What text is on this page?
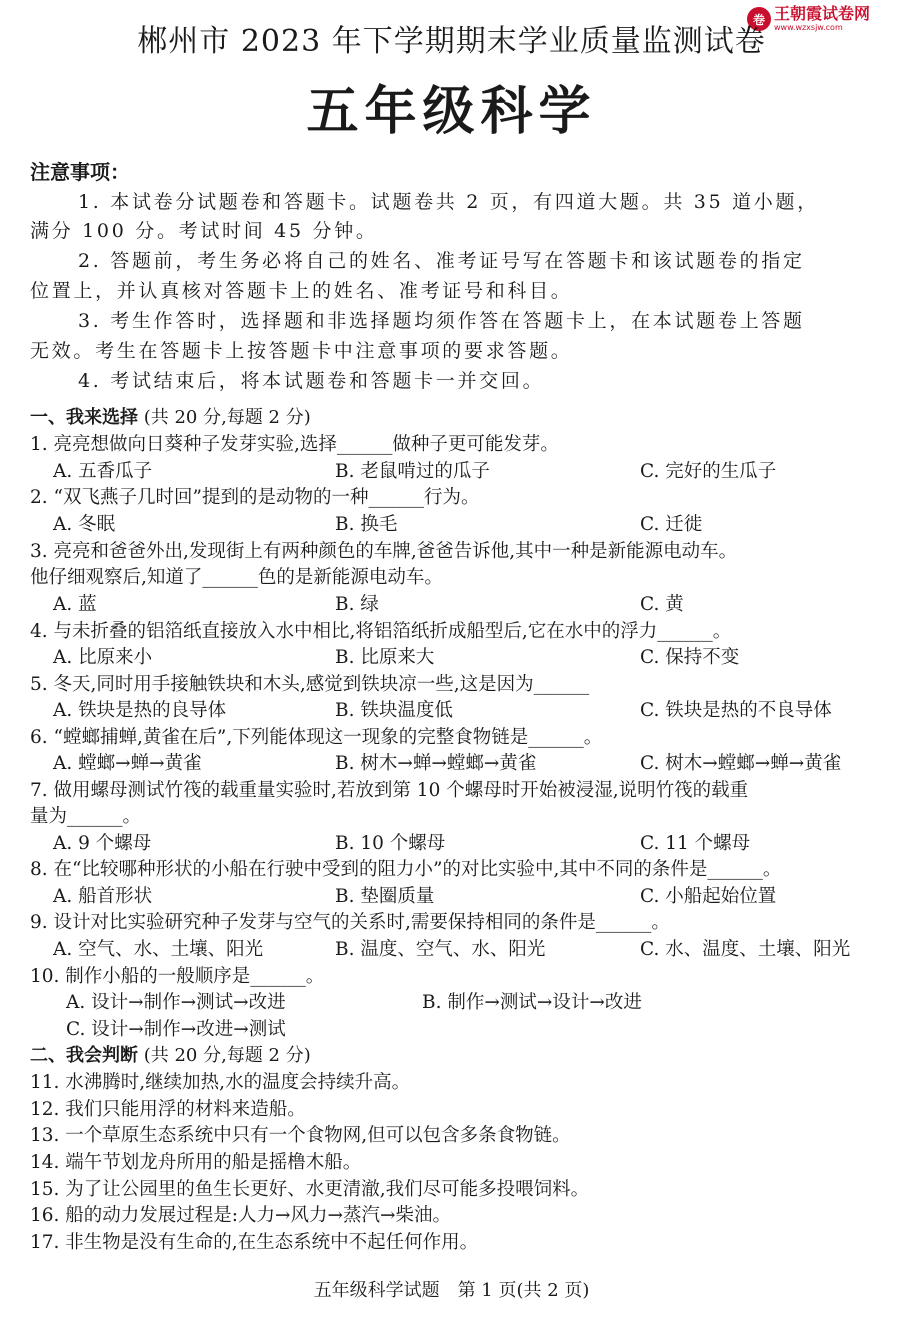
卷 王朝霞试卷网
www.wzxsjw.com
郴州市 2023 年下学期期末学业质量监测试卷
五年级科学
注意事项：
1. 本试卷分试题卷和答题卡。试题卷共 2 页，有四道大题。共 35 道小题，
满分 100 分。考试时间 45 分钟。
2. 答题前，考生务必将自己的姓名、准考证号写在答题卡和该试题卷的指定
位置上，并认真核对答题卡上的姓名、准考证号和科目。
3. 考生作答时，选择题和非选择题均须作答在答题卡上，在本试题卷上答题
无效。考生在答题卡上按答题卡中注意事项的要求答题。
4. 考试结束后，将本试题卷和答题卡一并交回。
一、我来选择 (共 20 分,每题 2 分)
1. 亮亮想做向日葵种子发芽实验,选择______做种子更可能发芽。
A. 五香瓜子	B. 老鼠啃过的瓜子	C. 完好的生瓜子
2. “双飞燕子几时回”提到的是动物的一种______行为。
A. 冬眠	B. 换毛	C. 迁徙
3. 亮亮和爸爸外出,发现街上有两种颜色的车牌,爸爸告诉他,其中一种是新能源电动车。
他仔细观察后,知道了______色的是新能源电动车。
A. 蓝	B. 绿	C. 黄
4. 与未折叠的铝箔纸直接放入水中相比,将铝箔纸折成船型后,它在水中的浮力______。
A. 比原来小	B. 比原来大	C. 保持不变
5. 冬天,同时用手接触铁块和木头,感觉到铁块凉一些,这是因为______
A. 铁块是热的良导体	B. 铁块温度低	C. 铁块是热的不良导体
6. “螳螂捕蝉,黄雀在后”,下列能体现这一现象的完整食物链是______。
A. 螳螂→蝉→黄雀	B. 树木→蝉→螳螂→黄雀	C. 树木→螳螂→蝉→黄雀
7. 做用螺母测试竹筏的载重量实验时,若放到第 10 个螺母时开始被浸湿,说明竹筏的载重
量为______。
A. 9 个螺母	B. 10 个螺母	C. 11 个螺母
8. 在“比较哪种形状的小船在行驶中受到的阻力小”的对比实验中,其中不同的条件是______。
A. 船首形状	B. 垫圈质量	C. 小船起始位置
9. 设计对比实验研究种子发芽与空气的关系时,需要保持相同的条件是______。
A. 空气、水、土壤、阳光	B. 温度、空气、水、阳光	C. 水、温度、土壤、阳光
10. 制作小船的一般顺序是______。
A. 设计→制作→测试→改进	B. 制作→测试→设计→改进
C. 设计→制作→改进→测试
二、我会判断 (共 20 分,每题 2 分)
11. 水沸腾时,继续加热,水的温度会持续升高。
12. 我们只能用浮的材料来造船。
13. 一个草原生态系统中只有一个食物网,但可以包含多条食物链。
14. 端午节划龙舟所用的船是摇橹木船。
15. 为了让公园里的鱼生长更好、水更清澈,我们尽可能多投喂饲料。
16. 船的动力发展过程是:人力→风力→蒸汽→柴油。
17. 非生物是没有生命的,在生态系统中不起任何作用。
五年级科学试题　第 1 页(共 2 页)
